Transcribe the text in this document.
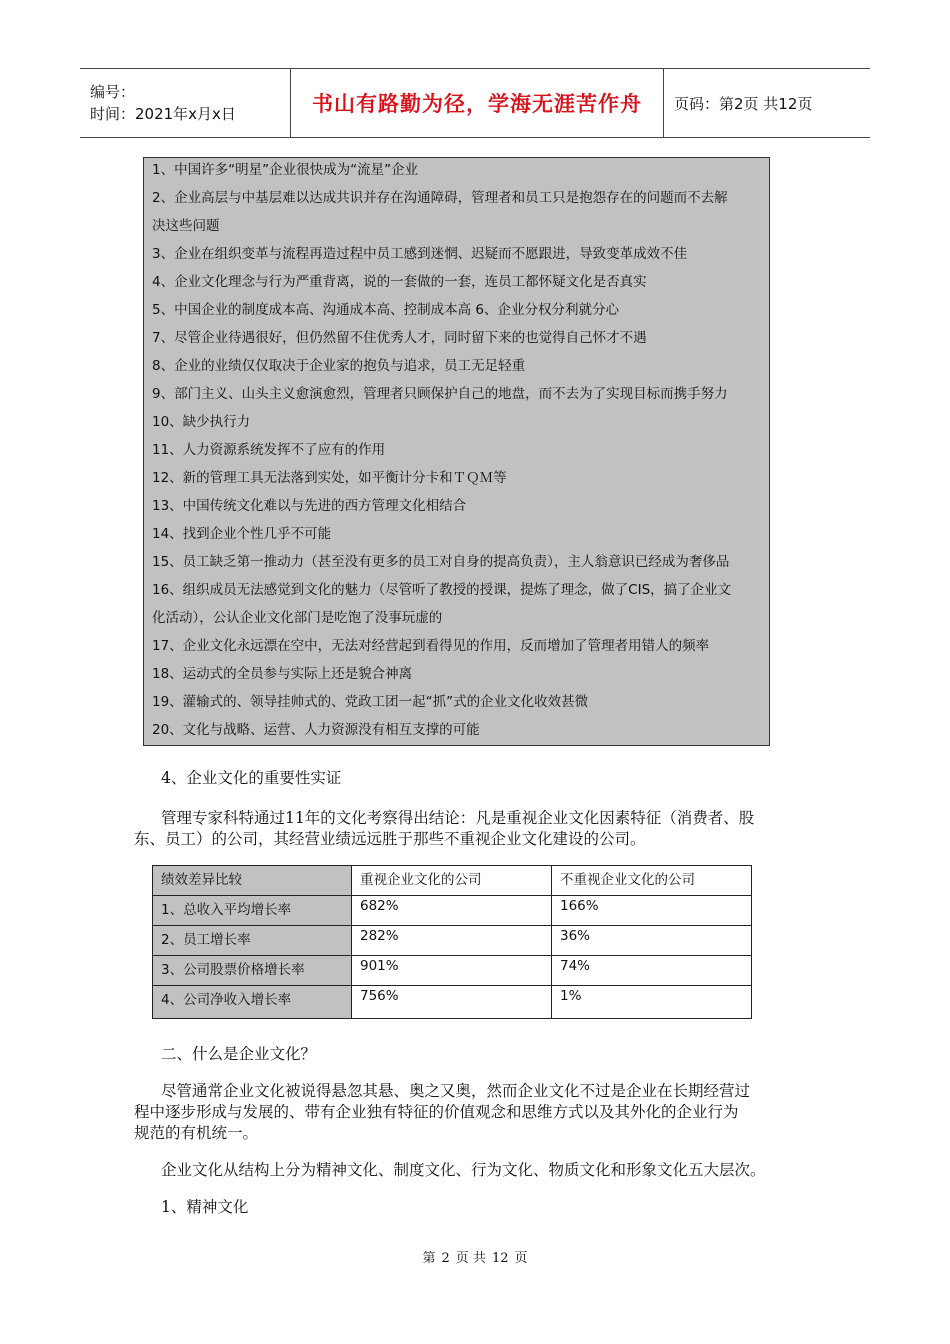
编号：
时间：2021年x月x日	书山有路勤为径，学海无涯苦作舟	页码：第2页 共12页
1、中国许多“明星”企业很快成为“流星”企业
2、企业高层与中基层难以达成共识并存在沟通障碍，管理者和员工只是抱怨存在的问题而不去解
决这些问题
3、企业在组织变革与流程再造过程中员工感到迷惘、迟疑而不愿跟进，导致变革成效不佳
4、企业文化理念与行为严重背离，说的一套做的一套，连员工都怀疑文化是否真实
5、中国企业的制度成本高、沟通成本高、控制成本高 6、企业分权分利就分心
7、尽管企业待遇很好，但仍然留不住优秀人才，同时留下来的也觉得自己怀才不遇
8、企业的业绩仅仅取决于企业家的抱负与追求，员工无足轻重
9、部门主义、山头主义愈演愈烈，管理者只顾保护自己的地盘，而不去为了实现目标而携手努力
10、缺少执行力
11、人力资源系统发挥不了应有的作用
12、新的管理工具无法落到实处，如平衡计分卡和ＴＱＭ等
13、中国传统文化难以与先进的西方管理文化相结合
14、找到企业个性几乎不可能
15、员工缺乏第一推动力（甚至没有更多的员工对自身的提高负责），主人翁意识已经成为奢侈品
16、组织成员无法感觉到文化的魅力（尽管听了教授的授课，提炼了理念，做了CIS，搞了企业文
化活动），公认企业文化部门是吃饱了没事玩虚的
17、企业文化永远漂在空中，无法对经营起到看得见的作用，反而增加了管理者用错人的频率
18、运动式的全员参与实际上还是貌合神离
19、灌输式的、领导挂帅式的、党政工团一起“抓”式的企业文化收效甚微
20、文化与战略、运营、人力资源没有相互支撑的可能
4、企业文化的重要性实证
管理专家科特通过11年的文化考察得出结论：凡是重视企业文化因素特征（消费者、股
东、员工）的公司，其经营业绩远远胜于那些不重视企业文化建设的公司。
绩效差异比较	重视企业文化的公司	不重视企业文化的公司
1、总收入平均增长率	682%	166%
2、员工增长率	282%	36%
3、公司股票价格增长率	901%	74%
4、公司净收入增长率	756%	1%
二、什么是企业文化？
尽管通常企业文化被说得悬忽其悬、奥之又奥，然而企业文化不过是企业在长期经营过
程中逐步形成与发展的、带有企业独有特征的价值观念和思维方式以及其外化的企业行为
规范的有机统一。
企业文化从结构上分为精神文化、制度文化、行为文化、物质文化和形象文化五大层次。
1、精神文化
第 2 页 共 12 页
